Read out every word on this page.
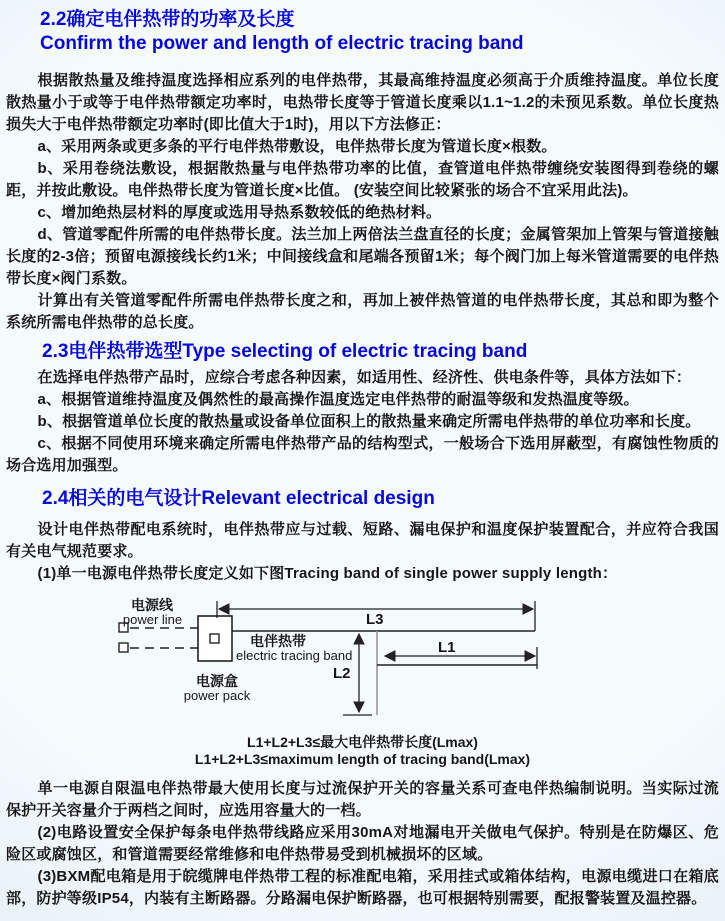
2.2确定电伴热带的功率及长度
Confirm the power and length of electric tracing band

根据散热量及维持温度选择相应系列的电伴热带，其最高维持温度必须高于介质维持温度。单位长度散热量小于或等于电伴热带额定功率时，电热带长度等于管道长度乘以1.1~1.2的未预见系数。单位长度热损失大于电伴热带额定功率时(即比值大于1时)，用以下方法修正：

a、采用两条或更多条的平行电伴热带敷设，电伴热带长度为管道长度×根数。

b、采用卷绕法敷设，根据散热量与电伴热带功率的比值，查管道电伴热带缠绕安装图得到卷绕的螺距，并按此敷设。电伴热带长度为管道长度×比值。 (安装空间比较紧张的场合不宜采用此法)。

c、增加绝热层材料的厚度或选用导热系数较低的绝热材料。

d、管道零配件所需的电伴热带长度。法兰加上两倍法兰盘直径的长度；金属管架加上管架与管道接触长度的2-3倍；预留电源接线长约1米；中间接线盒和尾端各预留1米；每个阀门加上每米管道需要的电伴热带长度×阀门系数。

计算出有关管道零配件所需电伴热带长度之和，再加上被伴热管道的电伴热带长度，其总和即为整个系统所需电伴热带的总长度。

2.3电伴热带选型Type selecting of electric tracing band

在选择电伴热带产品时，应综合考虑各种因素，如适用性、经济性、供电条件等，具体方法如下：

a、根据管道维持温度及偶然性的最高操作温度选定电伴热带的耐温等级和发热温度等级。

b、根据管道单位长度的散热量或设备单位面积上的散热量来确定所需电伴热带的单位功率和长度。

c、根据不同使用环境来确定所需电伴热带产品的结构型式，一般场合下选用屏蔽型，有腐蚀性物质的场合选用加强型。

2.4相关的电气设计Relevant electrical design

设计电伴热带配电系统时，电伴热带应与过载、短路、漏电保护和温度保护装置配合，并应符合我国有关电气规范要求。

(1)单一电源电伴热带长度定义如下图Tracing band of single power supply length：

电源线
power line
电源盒
power pack
电伴热带
electric tracing band
L3
L1
L2
L1+L2+L3≤最大电伴热带长度(Lmax)
L1+L2+L3≤maximum length of tracing band(Lmax)

单一电源自限温电伴热带最大使用长度与过流保护开关的容量关系可查电伴热编制说明。当实际过流保护开关容量介于两档之间时，应选用容量大的一档。

(2)电路设置安全保护每条电伴热带线路应采用30mA对地漏电开关做电气保护。特别是在防爆区、危险区或腐蚀区，和管道需要经常维修和电伴热带易受到机械损坏的区域。

(3)BXM配电箱是用于皖缆牌电伴热带工程的标准配电箱，采用挂式或箱体结构，电源电缆进口在箱底部，防护等级IP54，内装有主断路器。分路漏电保护断路器，也可根据特别需要，配报警装置及温控器。
